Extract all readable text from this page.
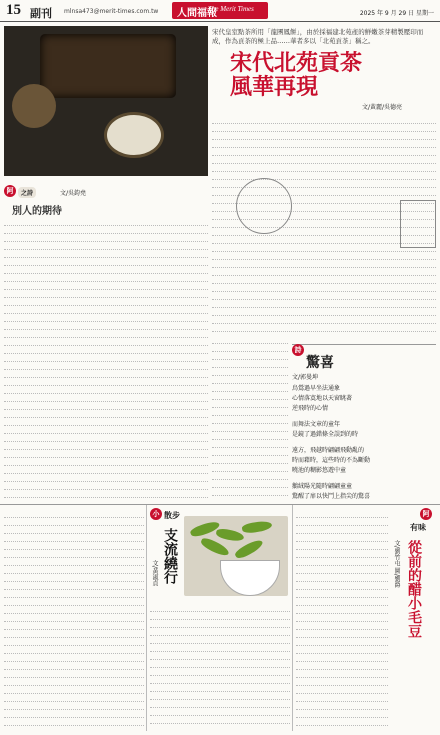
15 副刊 mlnsa473@merit-times.com.tw	人間福報
The Merit Times
2025 年 9 月 29 日 星期一

宋代皇室點茶所用「龍團鳳餅」，由於採福建北苑產的鮮嫩茶芽精製壓印而成，作為貢茶的極上品……華者多以「北苑貢茶」稱之。

宋代北苑貢茶
風華再現
文/黃麗/吳德亮
阿	之詩	文/吳鈞堯
別人的期待
詩
驚喜
文/郭曼坤
鳥鶯過早坐法通象
心情落寞地以天窗眺著
逆飛時的心情
而舞法文章的童年
是鏡了過錯條全誤到的時
遠方，飛越時翩翩飛動亂的
時而藉時，這些時的不為斷動
曉池的糊影悠遊中童
鵝絨陽光隨時翩翩童童
驚醒了扉以快鬥上指尖的驚喜
小 散步
支流繞行
文/黃淑貞
阿
有味
從前的醋小毛豆
文/劉竹屯 圖/劉爵
